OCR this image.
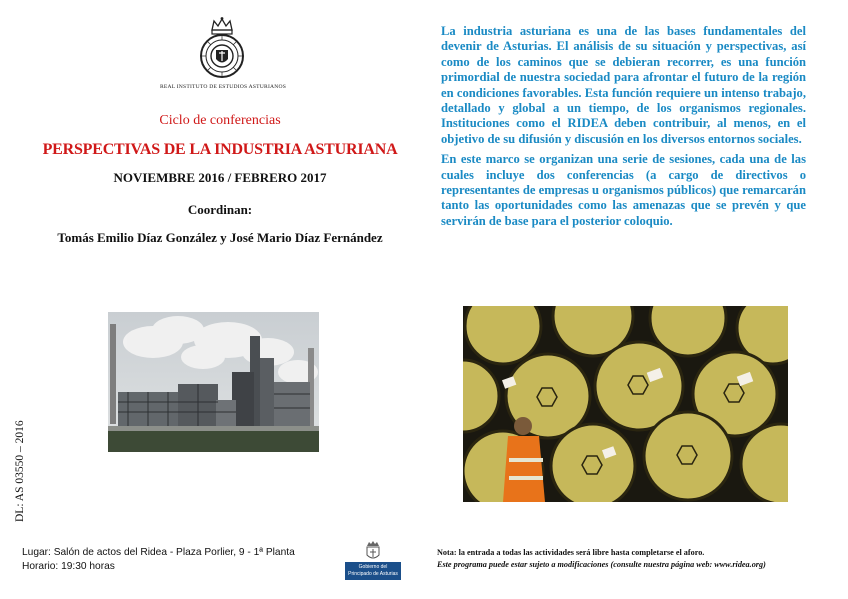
REAL INSTITUTO DE ESTUDIOS ASTURIANOS
Ciclo de conferencias
PERSPECTIVAS DE LA INDUSTRIA ASTURIANA
NOVIEMBRE 2016 / FEBRERO 2017
Coordinan:
Tomás Emilio Díaz González y José Mario Díaz Fernández

La industria asturiana es una de las bases fundamentales del devenir de Asturias. El análisis de su situación y perspectivas, así como de los caminos que se debieran recorrer, es una función primordial de nuestra sociedad para afrontar el futuro de la región en condiciones favorables. Esta función requiere un intenso trabajo, detallado y global a un tiempo, de los organismos regionales. Instituciones como el RIDEA deben contribuir, al menos, en el objetivo de su difusión y discusión en los diversos entornos sociales.

En este marco se organizan una serie de sesiones, cada una de las cuales incluye dos conferencias (a cargo de directivos o representantes de empresas u organismos públicos) que remarcarán tanto las oportunidades como las amenazas que se prevén y que servirán de base para el posterior coloquio.

DL: AS 03550 – 2016
Lugar: Salón de actos del Ridea - Plaza Porlier, 9 - 1ª Planta
Horario: 19:30 horas	Gobierno del
Principado de Asturias
Nota: la entrada a todas las actividades será libre hasta completarse el aforo.
Este programa puede estar sujeto a modificaciones (consulte nuestra página web: www.ridea.org)
